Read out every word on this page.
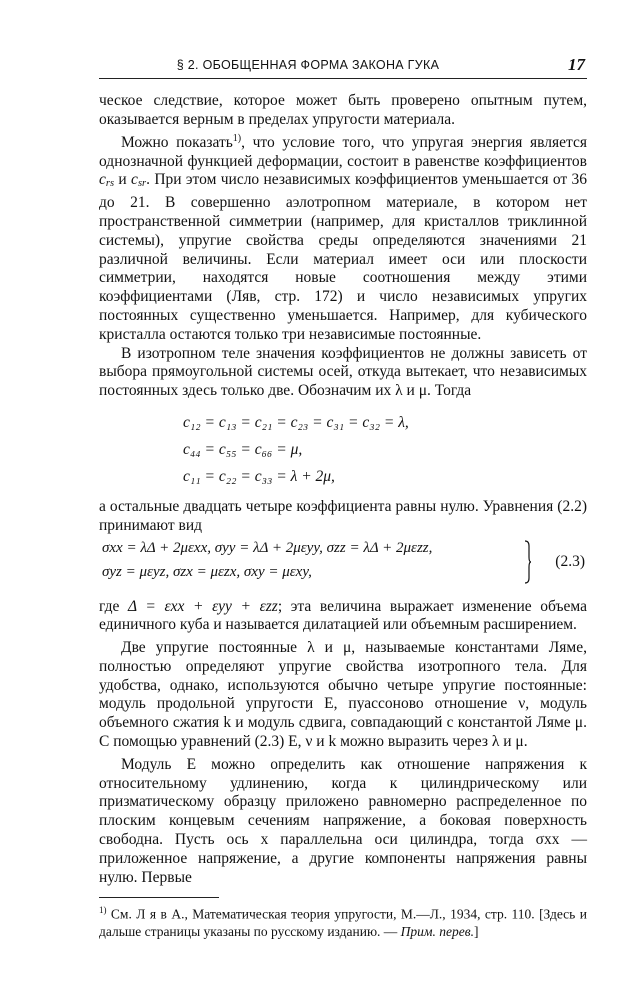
§ 2. ОБОБЩЕННАЯ ФОРМА ЗАКОНА ГУКА	17

ческое следствие, которое может быть проверено опытным путем, оказывается верным в пределах упругости материала.

Можно показать$^{1)}$, что условие того, что упругая энергия является однозначной функцией деформации, состоит в равенстве коэффициентов $c_{rs}$ и $c_{sr}$. При этом число независимых коэффициентов уменьшается от 36 до 21. В совершенно аэлотропном материале, в котором нет пространственной симметрии (например, для кристаллов триклинной системы), упругие свойства среды определяются значениями 21 различной величины. Если материал имеет оси или плоскости симметрии, находятся новые соотношения между этими коэффициентами (Ляв, стр. 172) и число независимых упругих постоянных существенно уменьшается. Например, для кубического кристалла остаются только три независимые постоянные.

В изотропном теле значения коэффициентов не должны зависеть от выбора прямоугольной системы осей, откуда вытекает, что независимых постоянных здесь только две. Обозначим их λ и μ. Тогда

c₁₂ = c₁₃ = c₂₁ = c₂₃ = c₃₁ = c₃₂ = λ,
c₄₄ = c₅₅ = c₆₆ = μ,
c₁₁ = c₂₂ = c₃₃ = λ + 2μ,

а остальные двадцать четыре коэффициента равны нулю. Уравнения (2.2) принимают вид

σxx = λΔ + 2μεxx, σyy = λΔ + 2μεyy, σzz = λΔ + 2μεzz,
σyz = μεyz, σzx = μεzx, σxy = μεxy,
(2.3)

где Δ = εxx + εyy + εzz; эта величина выражает изменение объема единичного куба и называется дилатацией или объемным расширением.

Две упругие постоянные λ и μ, называемые константами Ляме, полностью определяют упругие свойства изотропного тела. Для удобства, однако, используются обычно четыре упругие постоянные: модуль продольной упругости E, пуассоново отношение ν, модуль объемного сжатия k и модуль сдвига, совпадающий с константой Ляме μ. С помощью уравнений (2.3) E, ν и k можно выразить через λ и μ.

Модуль E можно определить как отношение напряжения к относительному удлинению, когда к цилиндрическому или призматическому образцу приложено равномерно распределенное по плоским концевым сечениям напряжение, а боковая поверхность свободна. Пусть ось x параллельна оси цилиндра, тогда σxx — приложенное напряжение, а другие компоненты напряжения равны нулю. Первые

$^{1)}$ См. Л я в А., Математическая теория упругости, М.—Л., 1934, стр. 110. [Здесь и дальше страницы указаны по русскому изданию. — Прим. перев.]
